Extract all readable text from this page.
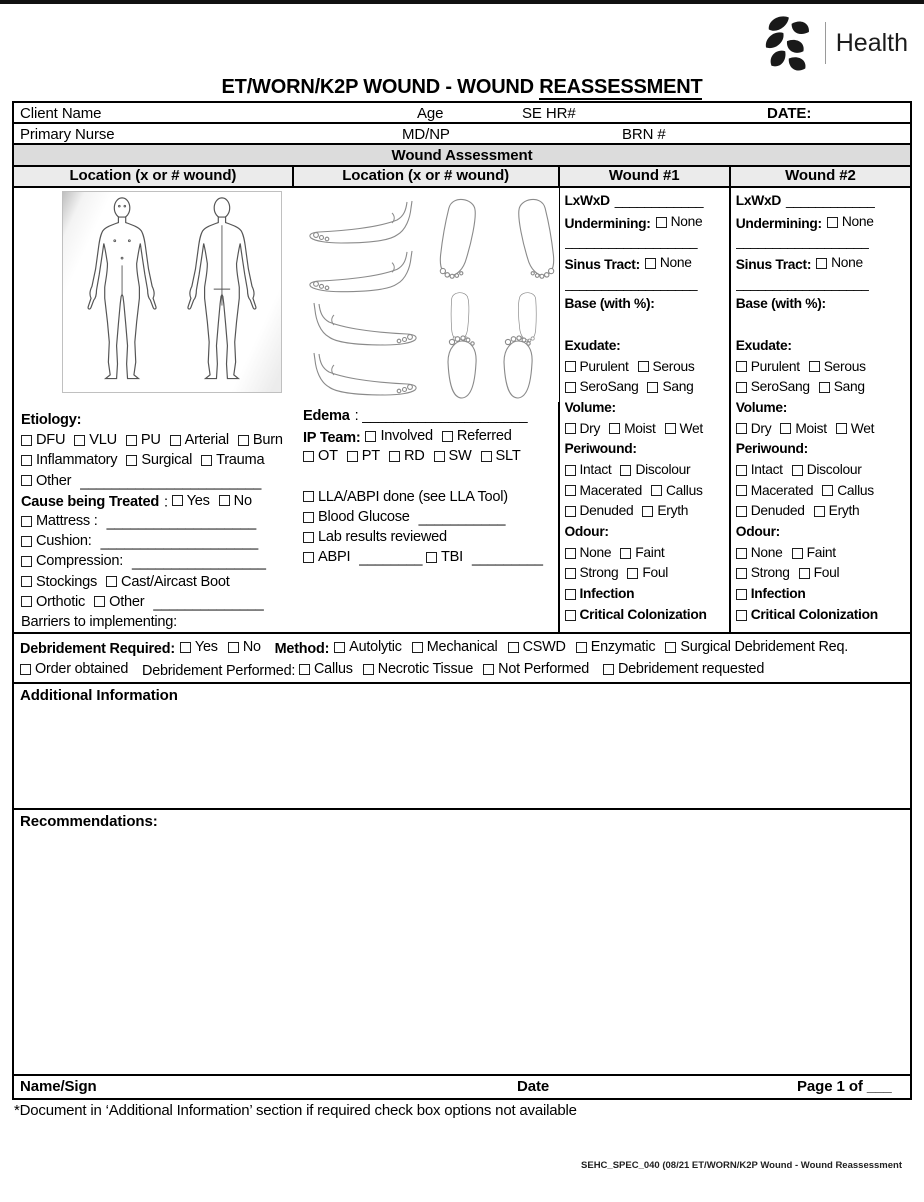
Health
ET/WORN/K2P WOUND - WOUND REASSESSMENT
Client Name	Age	SE HR#	DATE:
Primary Nurse	MD/NP	BRN #
Wound Assessment
Location (x or # wound)	Location (x or # wound)	Wound #1	Wound #2
Etiology:
DFU VLU PU Arterial Burn
Inflammatory Surgical Trauma
Other _______________________
Cause being Treated : Yes No
Mattress : ___________________
Cushion: ____________________
Compression: _________________
Stockings Cast/Aircast Boot
Orthotic Other ______________
Barriers to implementing:
Edema : _____________________
IP Team: Involved Referred
OT PT RD SW SLT
LLA/ABPI done (see LLA Tool)
Blood Glucose ___________
Lab results reviewed
ABPI ________ TBI _________
LxWxD ____________
Undermining: None
__________________
Sinus Tract: None
__________________
Base (with %):
Exudate:
Purulent Serous
SeroSang Sang
Volume:
Dry Moist Wet
Periwound:
Intact Discolour
Macerated Callus
Denuded Eryth
Odour:
None Faint
Strong Foul
Infection
Critical Colonization
LxWxD ____________
Undermining: None
__________________
Sinus Tract: None
__________________
Base (with %):
Exudate:
Purulent Serous
SeroSang Sang
Volume:
Dry Moist Wet
Periwound:
Intact Discolour
Macerated Callus
Denuded Eryth
Odour:
None Faint
Strong Foul
Infection
Critical Colonization
Debridement Required: Yes No Method: Autolytic Mechanical CSWD Enzymatic Surgical Debridement Req.
Order obtained Debridement Performed: Callus Necrotic Tissue Not Performed
Debridement requested
Additional Information
Recommendations:
Name/Sign	Date	Page 1 of ___
*Document in ‘Additional Information’ section if required check box options not available
SEHC_SPEC_040 (08/21 ET/WORN/K2P Wound - Wound Reassessment
